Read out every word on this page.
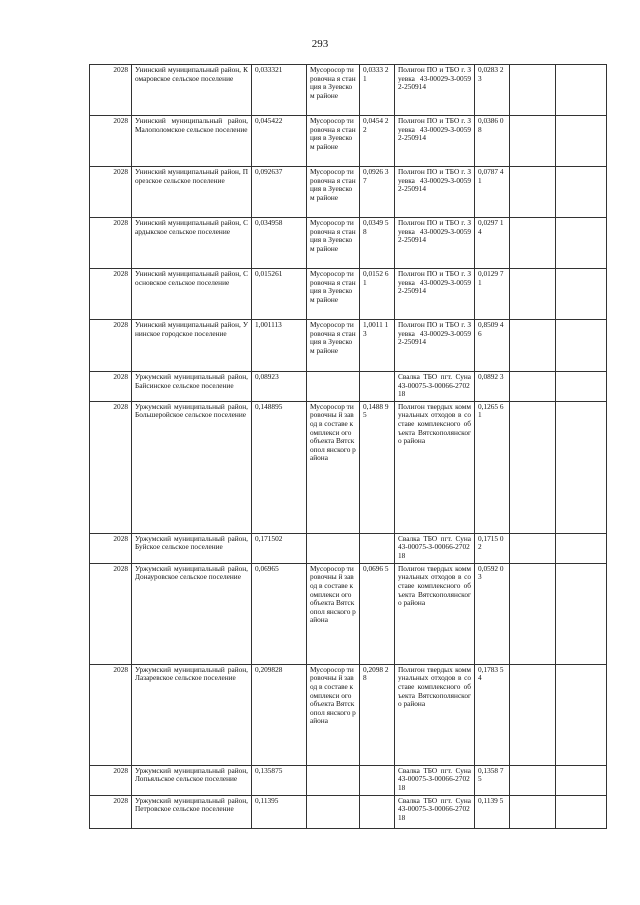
293
2028	Унинский муниципальный район, Комаровское сельское поселение	0,033321	Мусоросор тировочна я станция в Зуевском районе	0,0333 21	Полигон ПО и ТБО г. Зуевка 43-00029-З-00592-250914	0,0283 23		
2028	Унинский муниципальный район, Малополомское сельское поселение	0,045422	Мусоросор тировочна я станция в Зуевском районе	0,0454 22	Полигон ПО и ТБО г. Зуевка 43-00029-З-00592-250914	0,0386 08		
2028	Унинский муниципальный район, Порезское сельское поселение	0,092637	Мусоросор тировочна я станция в Зуевском районе	0,0926 37	Полигон ПО и ТБО г. Зуевка 43-00029-З-00592-250914	0,0787 41		
2028	Унинский муниципальный район, Сардыкское сельское поселение	0,034958	Мусоросор тировочна я станция в Зуевском районе	0,0349 58	Полигон ПО и ТБО г. Зуевка 43-00029-З-00592-250914	0,0297 14		
2028	Унинский муниципальный район, Сосновское сельское поселение	0,015261	Мусоросор тировочна я станция в Зуевском районе	0,0152 61	Полигон ПО и ТБО г. Зуевка 43-00029-З-00592-250914	0,0129 71		
2028	Унинский муниципальный район, Унинское городское поселение	1,001113	Мусоросор тировочна я станция в Зуевском районе	1,0011 13	Полигон ПО и ТБО г. Зуевка 43-00029-З-00592-250914	0,8509 46		
2028	Уржумский муниципальный район, Байсинское сельское поселение	0,08923			Свалка ТБО пгт. Суна 43-00075-З-00066-270218	0,0892 3		
2028	Уржумский муниципальный район, Большеройское сельское поселение	0,148895	Мусоросор тировочны й завод в составе комплекси ого объекта Вятскопол янского района	0,1488 95	Полигон твердых коммунальных отходов в составе комплексного объекта Вятскополянског о района	0,1265 61		
2028	Уржумский муниципальный район, Буйское сельское поселение	0,171502			Свалка ТБО пгт. Суна 43-00075-З-00066-270218	0,1715 02		
2028	Уржумский муниципальный район, Донауровское сельское поселение	0,06965	Мусоросор тировочны й завод в составе комплекси ого объекта Вятскопол янского района	0,0696 5	Полигон твердых коммунальных отходов в составе комплексного объекта Вятскополянског о района	0,0592 03		
2028	Уржумский муниципальный район, Лазаревское сельское поселение	0,209828	Мусоросор тировочны й завод в составе комплекси ого объекта Вятскопол янского района	0,2098 28	Полигон твердых коммунальных отходов в составе комплексного объекта Вятскополянског о района	0,1783 54		
2028	Уржумский муниципальный район, Лопьяльское сельское поселение	0,135875			Свалка ТБО пгт. Суна 43-00075-З-00066-270218	0,1358 75		
2028	Уржумский муниципальный район, Петровское сельское поселение	0,11395			Свалка ТБО пгт. Суна 43-00075-З-00066-270218	0,1139 5		
